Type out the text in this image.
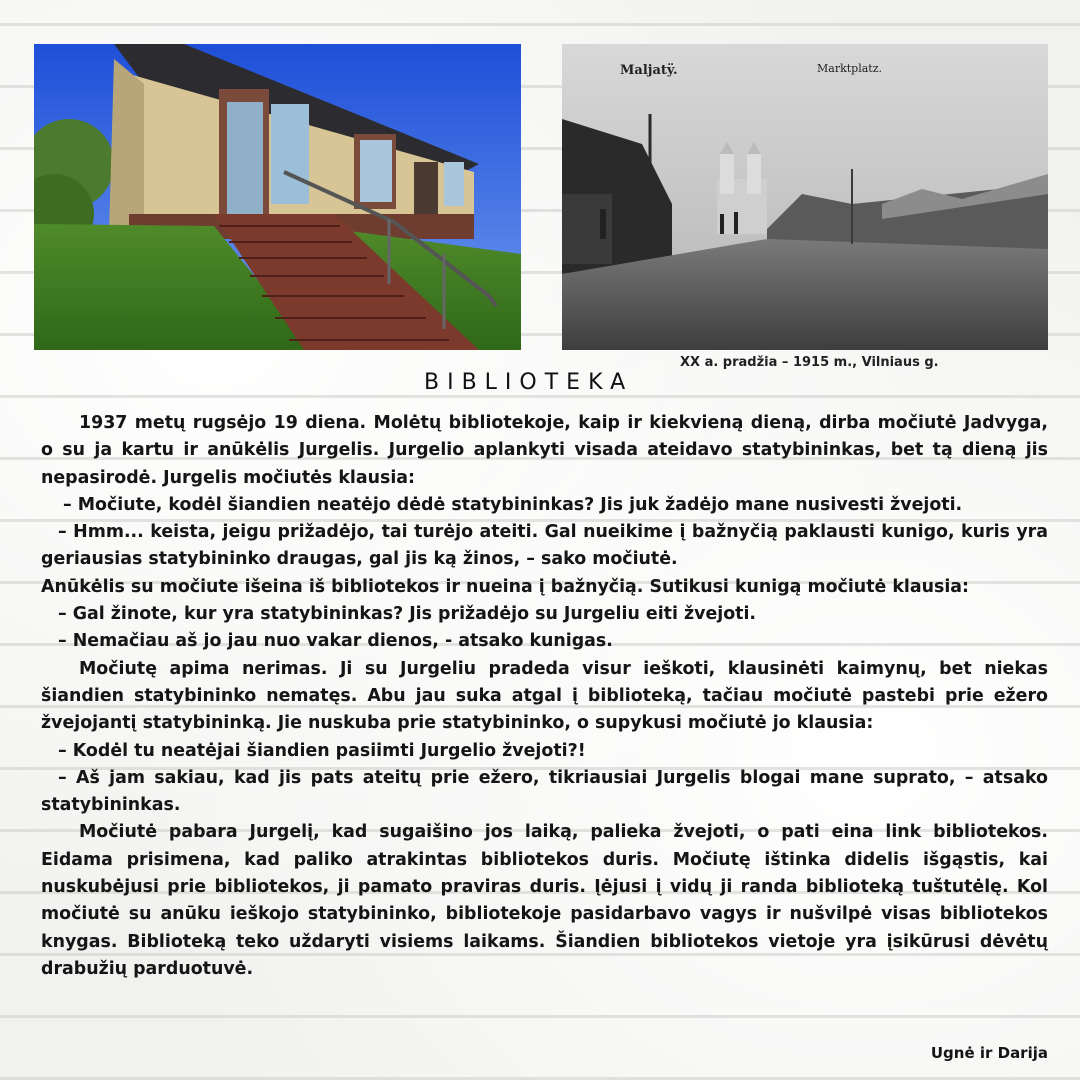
Maljatÿ.	Marktplatz.
XX a. pradžia – 1915 m., Vilniaus g.
BIBLIOTEKA

1937 metų rugsėjo 19 diena. Molėtų bibliotekoje, kaip ir kiekvieną dieną, dirba močiutė Jadvyga, o su ja kartu ir anūkėlis Jurgelis. Jurgelio aplankyti visada ateidavo statybininkas, bet tą dieną jis nepasirodė. Jurgelis močiutės klausia:

– Močiute, kodėl šiandien neatėjo dėdė statybininkas? Jis juk žadėjo mane nusivesti žvejoti.

– Hmm... keista, jeigu prižadėjo, tai turėjo ateiti. Gal nueikime į bažnyčią paklausti kunigo, kuris yra geriausias statybininko draugas, gal jis ką žinos, – sako močiutė.

Anūkėlis su močiute išeina iš bibliotekos ir nueina į bažnyčią. Sutikusi kunigą močiutė klausia:

– Gal žinote, kur yra statybininkas? Jis prižadėjo su Jurgeliu eiti žvejoti.

– Nemačiau aš jo jau nuo vakar dienos, - atsako kunigas.

Močiutę apima nerimas. Ji su Jurgeliu pradeda visur ieškoti, klausinėti kaimynų, bet niekas šiandien statybininko nematęs. Abu jau suka atgal į biblioteką, tačiau močiutė pastebi prie ežero žvejojantį statybininką. Jie nuskuba prie statybininko, o supykusi močiutė jo klausia:

– Kodėl tu neatėjai šiandien pasiimti Jurgelio žvejoti?!

– Aš jam sakiau, kad jis pats ateitų prie ežero, tikriausiai Jurgelis blogai mane suprato, – atsako statybininkas.

Močiutė pabara Jurgelį, kad sugaišino jos laiką, palieka žvejoti, o pati eina link bibliotekos. Eidama prisimena, kad paliko atrakintas bibliotekos duris. Močiutę ištinka didelis išgąstis, kai nuskubėjusi prie bibliotekos, ji pamato praviras duris. Įėjusi į vidų ji randa biblioteką tuštutėlę. Kol močiutė su anūku ieškojo statybininko, bibliotekoje pasidarbavo vagys ir nušvilpė visas bibliotekos knygas. Biblioteką teko uždaryti visiems laikams. Šiandien bibliotekos vietoje yra įsikūrusi dėvėtų drabužių parduotuvė.

Ugnė ir Darija
